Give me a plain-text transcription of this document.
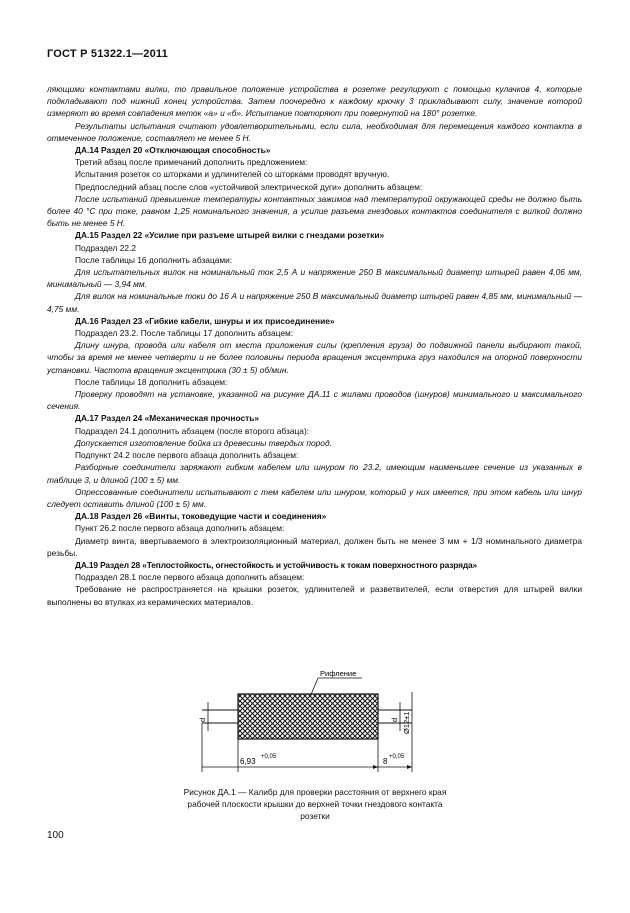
ГОСТ Р 51322.1—2011

ляющими контактами вилки, то правильное положение устройства в розетке регулируют с помощью кулачков 4, которые подкладывают под нижний конец устройства. Затем поочередно к каждому крючку 3 прикладывают силу, значение которой измеряют во время совпадения меток «а» и «б». Испытание повторяют при повернутой на 180° розетке.

Результаты испытания считают удовлетворительными, если сила, необходимая для перемещения каждого контакта в отмеченное положение, составляет не менее 5 Н.

ДА.14 Раздел 20 «Отключающая способность»

Третий абзац после примечаний дополнить предложением:

Испытания розеток со шторками и удлинителей со шторками проводят вручную.

Предпоследний абзац после слов «устойчивой электрической дуги» дополнить абзацем:

После испытаний превышение температуры контактных зажимов над температурой окружающей среды не должно быть более 40 °С при токе, равном 1,25 номинального значения, а усилие разъема гнездовых контактов соединителя с вилкой должно быть не менее 5 Н.

ДА.15 Раздел 22 «Усилие при разъеме штырей вилки с гнездами розетки»

Подраздел 22.2

После таблицы 16 дополнить абзацами:

Для испытательных вилок на номинальный ток 2,5 А и напряжение 250 В максимальный диаметр штырей равен 4,06 мм, минимальный — 3,94 мм.

Для вилок на номинальные токи до 16 А и напряжение 250 В максимальный диаметр штырей равен 4,85 мм, минимальный — 4,75 мм.

ДА.16 Раздел 23 «Гибкие кабели, шнуры и их присоединение»

Подраздел 23.2. После таблицы 17 дополнить абзацем:

Длину шнура, провода или кабеля от места приложения силы (крепления груза) до подвижной панели выбирают такой, чтобы за время не менее четверти и не более половины периода вращения эксцентрика груз находился на опорной поверхности установки. Частота вращения эксцентрика (30 ± 5) об/мин.

После таблицы 18 дополнить абзацем:

Проверку проводят на установке, указанной на рисунке ДА.11 с жилами проводов (шнуров) минимального и максимального сечения.

ДА.17 Раздел 24 «Механическая прочность»

Подраздел 24.1 дополнить абзацем (после второго абзаца):

Допускается изготовление бойка из древесины твердых пород.

Подпункт 24.2 после первого абзаца дополнить абзацем:

Разборные соединители заряжают гибким кабелем или шнуром по 23.2, имеющим наименьшее сечение из указанных в таблице 3, и длиной (100 ± 5) мм.

Опрессованные соединители испытывают с тем кабелем или шнуром, который у них имеется, при этом кабель или шнур следует оставить длиной (100 ± 5) мм.

ДА.18 Раздел 26 «Винты, токоведущие части и соединения»

Пункт 26.2 после первого абзаца дополнить абзацем:

Диаметр винта, ввертываемого в электроизоляционный материал, должен быть не менее 3 мм + 1/3 номинального диаметра резьбы.

ДА.19 Раздел 28 «Теплостойкость, огнестойкость и устойчивость к токам поверхностного разряда»

Подраздел 28.1 после первого абзаца дополнить абзацем:

Требование не распространяется на крышки розеток, удлинителей и разветвителей, если отверстия для штырей вилки выполнены во втулках из керамических материалов.

Рифление
d	d Ø12±1
6,93 +0,05	8 +0,05
Рисунок ДА.1 — Калибр для проверки расстояния от верхнего края рабочей плоскости крышки до верхней точки гнездового контакта розетки
100
